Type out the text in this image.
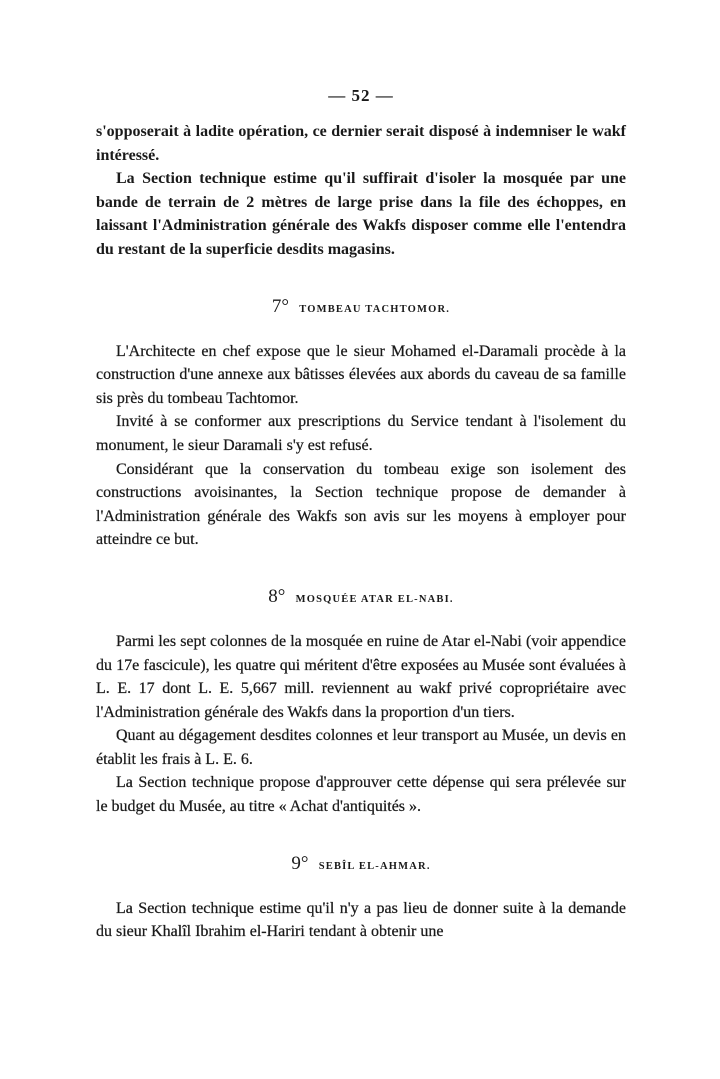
— 52 —

s'opposerait à ladite opération, ce dernier serait disposé à indemniser le wakf intéressé.

La Section technique estime qu'il suffirait d'isoler la mosquée par une bande de terrain de 2 mètres de large prise dans la file des échoppes, en laissant l'Administration générale des Wakfs disposer comme elle l'entendra du restant de la superficie desdits magasins.

7° TOMBEAU TACHTOMOR.

L'Architecte en chef expose que le sieur Mohamed el-Daramali procède à la construction d'une annexe aux bâtisses élevées aux abords du caveau de sa famille sis près du tombeau Tachtomor.

Invité à se conformer aux prescriptions du Service tendant à l'isolement du monument, le sieur Daramali s'y est refusé.

Considérant que la conservation du tombeau exige son isolement des constructions avoisinantes, la Section technique propose de demander à l'Administration générale des Wakfs son avis sur les moyens à employer pour atteindre ce but.

8° MOSQUÉE ATAR EL-NABI.

Parmi les sept colonnes de la mosquée en ruine de Atar el-Nabi (voir appendice du 17e fascicule), les quatre qui méritent d'être exposées au Musée sont évaluées à L. E. 17 dont L. E. 5,667 mill. reviennent au wakf privé copropriétaire avec l'Administration générale des Wakfs dans la proportion d'un tiers.

Quant au dégagement desdites colonnes et leur transport au Musée, un devis en établit les frais à L. E. 6.

La Section technique propose d'approuver cette dépense qui sera prélevée sur le budget du Musée, au titre « Achat d'antiquités ».

9° SEBÎL EL-AHMAR.

La Section technique estime qu'il n'y a pas lieu de donner suite à la demande du sieur Khalîl Ibrahim el-Hariri tendant à obtenir une
